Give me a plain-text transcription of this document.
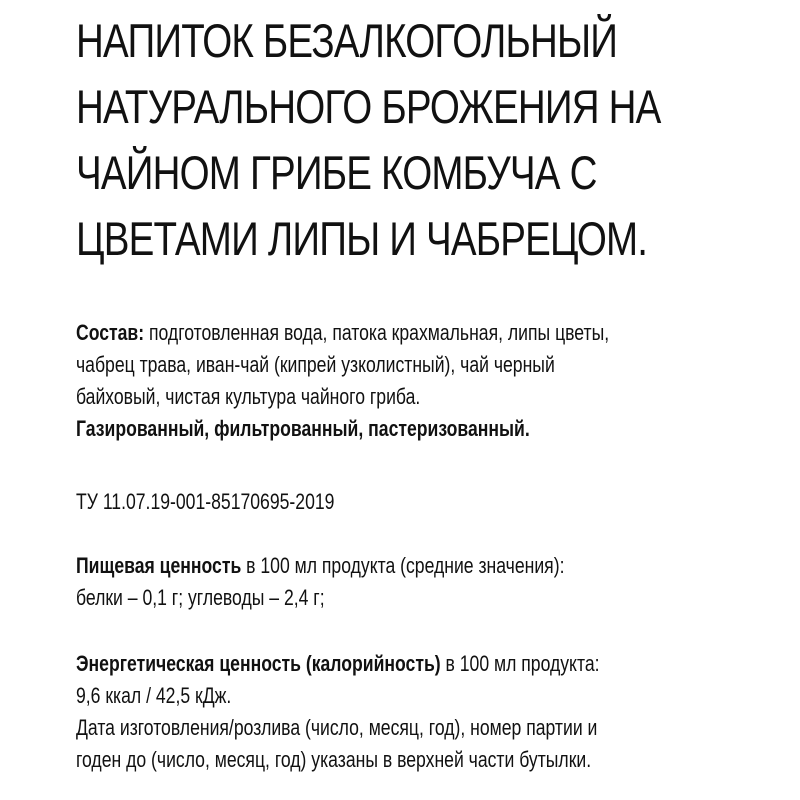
НАПИТОК БЕЗАЛКОГОЛЬНЫЙ
НАТУРАЛЬНОГО БРОЖЕНИЯ НА
ЧАЙНОМ ГРИБЕ КОМБУЧА С
ЦВЕТАМИ ЛИПЫ И ЧАБРЕЦОМ.
Состав: подготовленная вода, патока крахмальная, липы цветы,
чабрец трава, иван-чай (кипрей узколистный), чай черный
байховый, чистая культура чайного гриба.
Газированный, фильтрованный, пастеризованный.
ТУ 11.07.19-001-85170695-2019
Пищевая ценность в 100 мл продукта (средние значения):
белки – 0,1 г; углеводы – 2,4 г;
Энергетическая ценность (калорийность) в 100 мл продукта:
9,6 ккал / 42,5 кДж.
Дата изготовления/розлива (число, месяц, год), номер партии и
годен до (число, месяц, год) указаны в верхней части бутылки.
